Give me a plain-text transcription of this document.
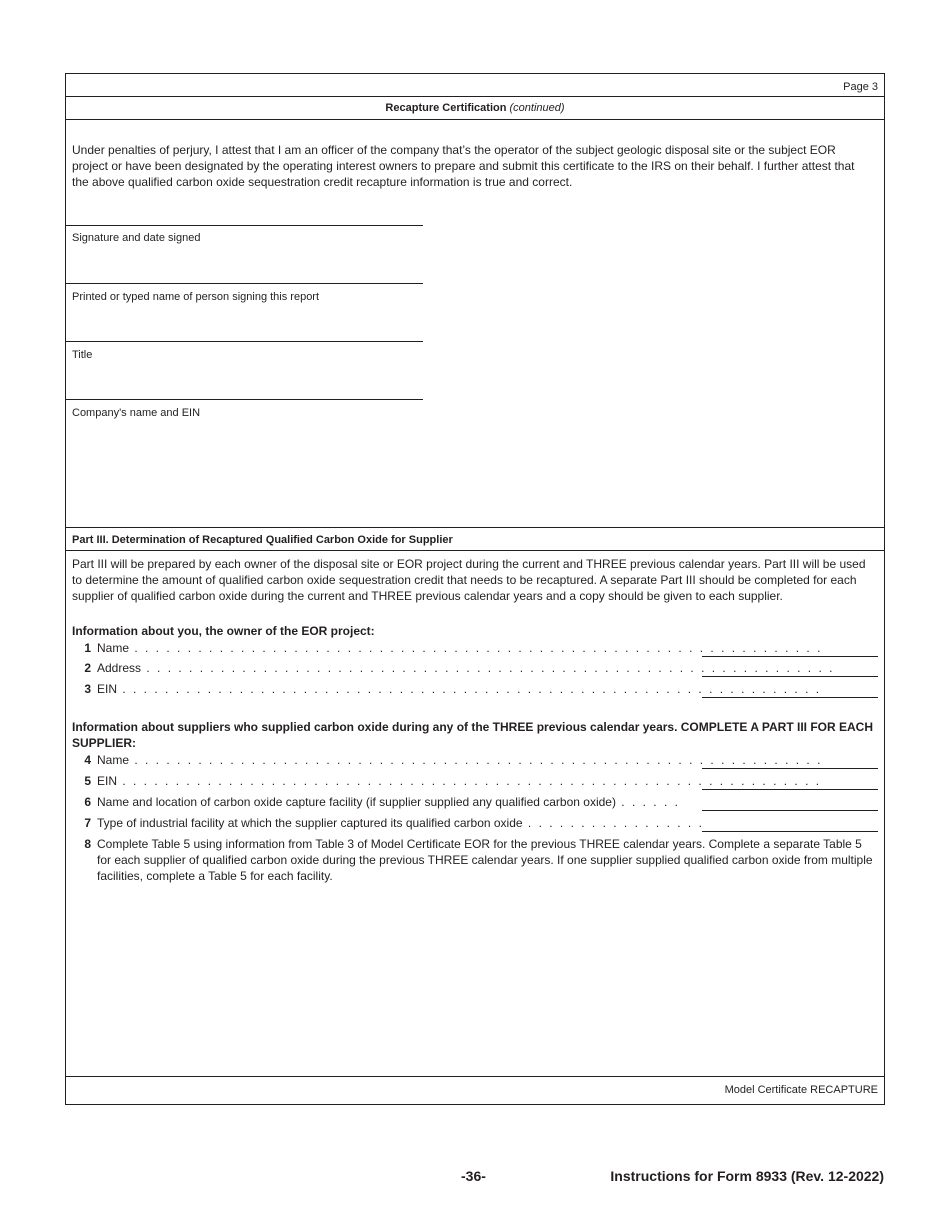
Page 3
Recapture Certification (continued)
Under penalties of perjury, I attest that I am an officer of the company that’s the operator of the subject geologic disposal site or the subject EOR project or have been designated by the operating interest owners to prepare and submit this certificate to the IRS on their behalf. I further attest that the above qualified carbon oxide sequestration credit recapture information is true and correct.
Signature and date signed
Printed or typed name of person signing this report
Title
Company's name and EIN
Part III. Determination of Recaptured Qualified Carbon Oxide for Supplier
Part III will be prepared by each owner of the disposal site or EOR project during the current and THREE previous calendar years. Part III will be used to determine the amount of qualified carbon oxide sequestration credit that needs to be recaptured. A separate Part III should be completed for each supplier of qualified carbon oxide during the current and THREE previous calendar years and a copy should be given to each supplier.
Information about you, the owner of the EOR project:
1 Name . . . . . . . . . . . . . . . . . . . . . . . . . . . . . . . . . . . . . . . . . . . . . . . . . . . . . . . . . . . . . . . . .
2 Address . . . . . . . . . . . . . . . . . . . . . . . . . . . . . . . . . . . . . . . . . . . . . . . . . . . . . . . . . . . . . . . . .
3 EIN . . . . . . . . . . . . . . . . . . . . . . . . . . . . . . . . . . . . . . . . . . . . . . . . . . . . . . . . . . . . . . . . . .
Information about suppliers who supplied carbon oxide during any of the THREE previous calendar years. COMPLETE A PART III FOR EACH SUPPLIER:
4 Name . . . . . . . . . . . . . . . . . . . . . . . . . . . . . . . . . . . . . . . . . . . . . . . . . . . . . . . . . . . . . . . . .
5 EIN . . . . . . . . . . . . . . . . . . . . . . . . . . . . . . . . . . . . . . . . . . . . . . . . . . . . . . . . . . . . . . . . . .
6 Name and location of carbon oxide capture facility (if supplier supplied any qualified carbon oxide) . . . . . .
7 Type of industrial facility at which the supplier captured its qualified carbon oxide . . . . . . . . . . . . . . . . .
8 Complete Table 5 using information from Table 3 of Model Certificate EOR for the previous THREE calendar years. Complete a separate Table 5 for each supplier of qualified carbon oxide during the previous THREE calendar years. If one supplier supplied qualified carbon oxide from multiple facilities, complete a Table 5 for each facility.
Model Certificate RECAPTURE
-36-	Instructions for Form 8933 (Rev. 12-2022)
